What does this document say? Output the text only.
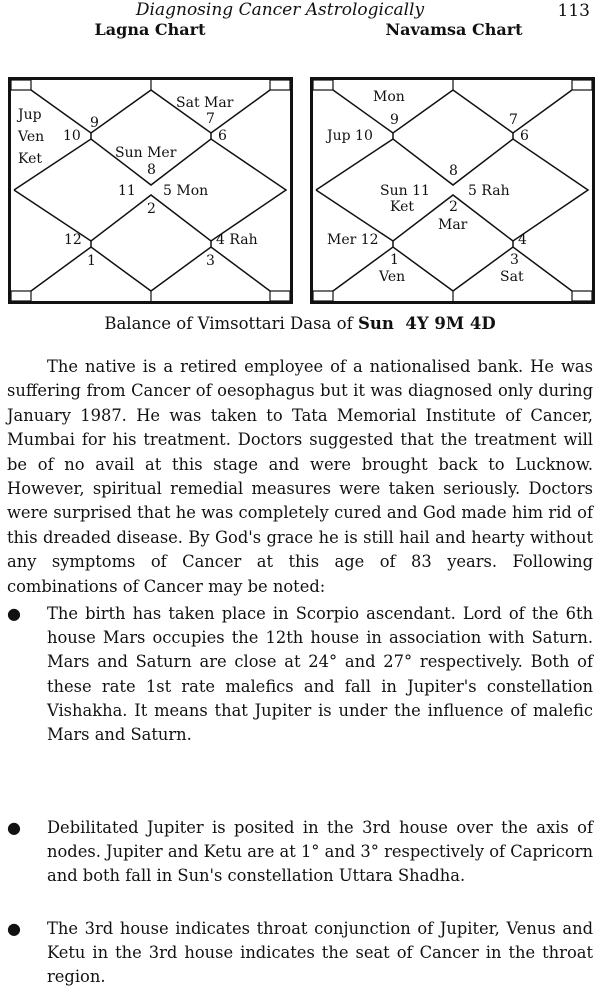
Diagnosing Cancer Astrologically	113
Lagna Chart	Navamsa Chart
9
10
Jup
Ven
Ket
Sat Mar
7
6
Sun Mer
8
11 5 Mon
2
12
1
4 Rah
3
Mon
9
Jup 10
7
6
8
Sun 11
Ket
5 Rah
2
Mar
Mer 12
1
Ven
4
3
Sat
Balance of Vimsottari Dasa of Sun 4Y 9M 4D

The native is a retired employee of a nationalised bank. He was suffering from Cancer of oesophagus but it was diagnosed only during January 1987. He was taken to Tata Memorial Institute of Cancer, Mumbai for his treatment. Doctors suggested that the treatment will be of no avail at this stage and were brought back to Lucknow. However, spiritual remedial measures were taken seriously. Doctors were surprised that he was completely cured and God made him rid of this dreaded disease. By God's grace he is still hail and hearty without any symptoms of Cancer at this age of 83 years. Following combinations of Cancer may be noted:

● The birth has taken place in Scorpio ascendant. Lord of the 6th house Mars occupies the 12th house in association with Saturn. Mars and Saturn are close at 24° and 27° respectively. Both of these rate 1st rate malefics and fall in Jupiter's constellation Vishakha. It means that Jupiter is under the influence of malefic Mars and Saturn.
● Debilitated Jupiter is posited in the 3rd house over the axis of nodes. Jupiter and Ketu are at 1° and 3° respectively of Capricorn and both fall in Sun's constellation Uttara Shadha.
● The 3rd house indicates throat conjunction of Jupiter, Venus and Ketu in the 3rd house indicates the seat of Cancer in the throat region.
